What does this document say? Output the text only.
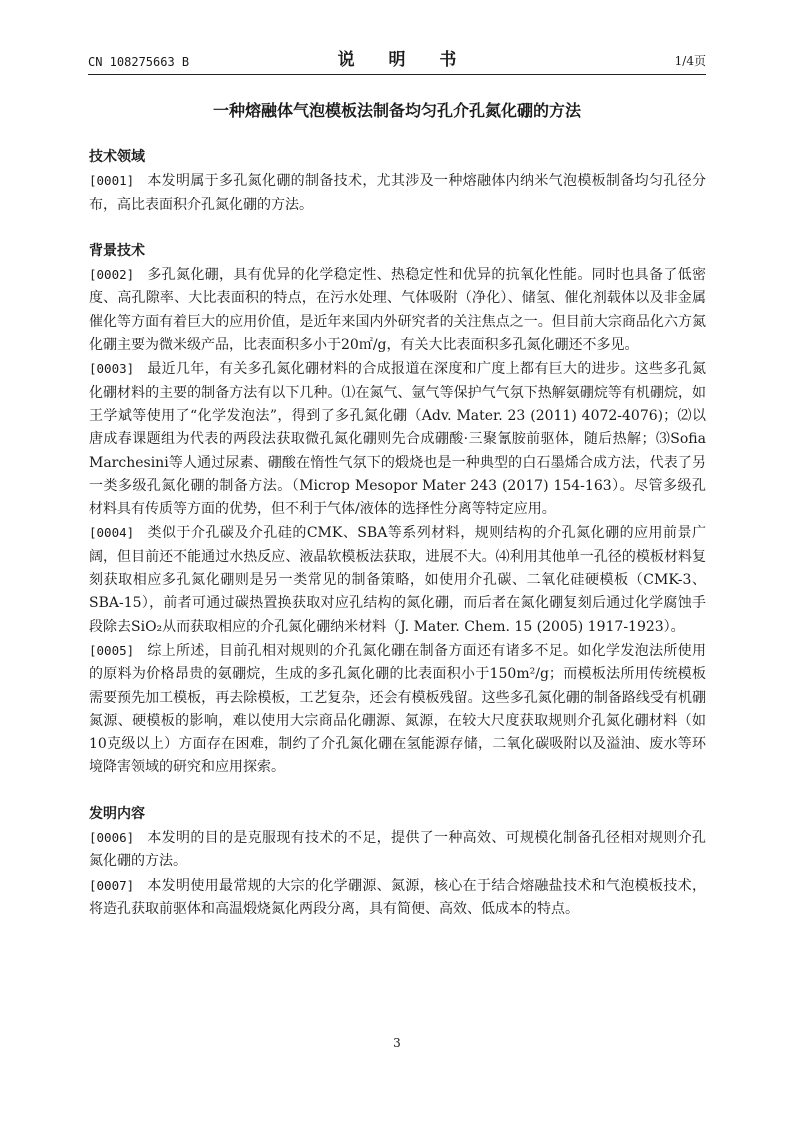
CN 108275663 B	说 明 书	1/4页
一种熔融体气泡模板法制备均匀孔介孔氮化硼的方法
技术领域
[0001] 本发明属于多孔氮化硼的制备技术，尤其涉及一种熔融体内纳米气泡模板制备均匀孔径分布，高比表面积介孔氮化硼的方法。
背景技术
[0002] 多孔氮化硼，具有优异的化学稳定性、热稳定性和优异的抗氧化性能。同时也具备了低密度、高孔隙率、大比表面积的特点，在污水处理、气体吸附（净化）、储氢、催化剂载体以及非金属催化等方面有着巨大的应用价值，是近年来国内外研究者的关注焦点之一。但目前大宗商品化六方氮化硼主要为微米级产品，比表面积多小于20㎡/g，有关大比表面积多孔氮化硼还不多见。
[0003] 最近几年，有关多孔氮化硼材料的合成报道在深度和广度上都有巨大的进步。这些多孔氮化硼材料的主要的制备方法有以下几种。⑴在氮气、氩气等保护气气氛下热解氨硼烷等有机硼烷，如王学斌等使用了“化学发泡法”，得到了多孔氮化硼（Adv. Mater. 23 (2011) 4072-4076)；⑵以唐成春课题组为代表的两段法获取微孔氮化硼则先合成硼酸·三聚氰胺前驱体，随后热解；⑶Sofia Marchesini等人通过尿素、硼酸在惰性气氛下的煅烧也是一种典型的白石墨烯合成方法，代表了另一类多级孔氮化硼的制备方法。（Microp Mesopor Mater 243 (2017) 154-163）。尽管多级孔材料具有传质等方面的优势，但不利于气体/液体的选择性分离等特定应用。
[0004] 类似于介孔碳及介孔硅的CMK、SBA等系列材料，规则结构的介孔氮化硼的应用前景广阔，但目前还不能通过水热反应、液晶软模板法获取，进展不大。⑷利用其他单一孔径的模板材料复刻获取相应多孔氮化硼则是另一类常见的制备策略，如使用介孔碳、二氧化硅硬模板（CMK-3、SBA-15），前者可通过碳热置换获取对应孔结构的氮化硼，而后者在氮化硼复刻后通过化学腐蚀手段除去SiO₂从而获取相应的介孔氮化硼纳米材料（J. Mater. Chem. 15 (2005) 1917-1923）。
[0005] 综上所述，目前孔相对规则的介孔氮化硼在制备方面还有诸多不足。如化学发泡法所使用的原料为价格昂贵的氨硼烷，生成的多孔氮化硼的比表面积小于150m²/g；而模板法所用传统模板需要预先加工模板，再去除模板，工艺复杂，还会有模板残留。这些多孔氮化硼的制备路线受有机硼氮源、硬模板的影响，难以使用大宗商品化硼源、氮源，在较大尺度获取规则介孔氮化硼材料（如10克级以上）方面存在困难，制约了介孔氮化硼在氢能源存储，二氧化碳吸附以及溢油、废水等环境降害领域的研究和应用探索。
发明内容
[0006] 本发明的目的是克服现有技术的不足，提供了一种高效、可规模化制备孔径相对规则介孔氮化硼的方法。
[0007] 本发明使用最常规的大宗的化学硼源、氮源，核心在于结合熔融盐技术和气泡模板技术，将造孔获取前驱体和高温煅烧氮化两段分离，具有简便、高效、低成本的特点。
3
